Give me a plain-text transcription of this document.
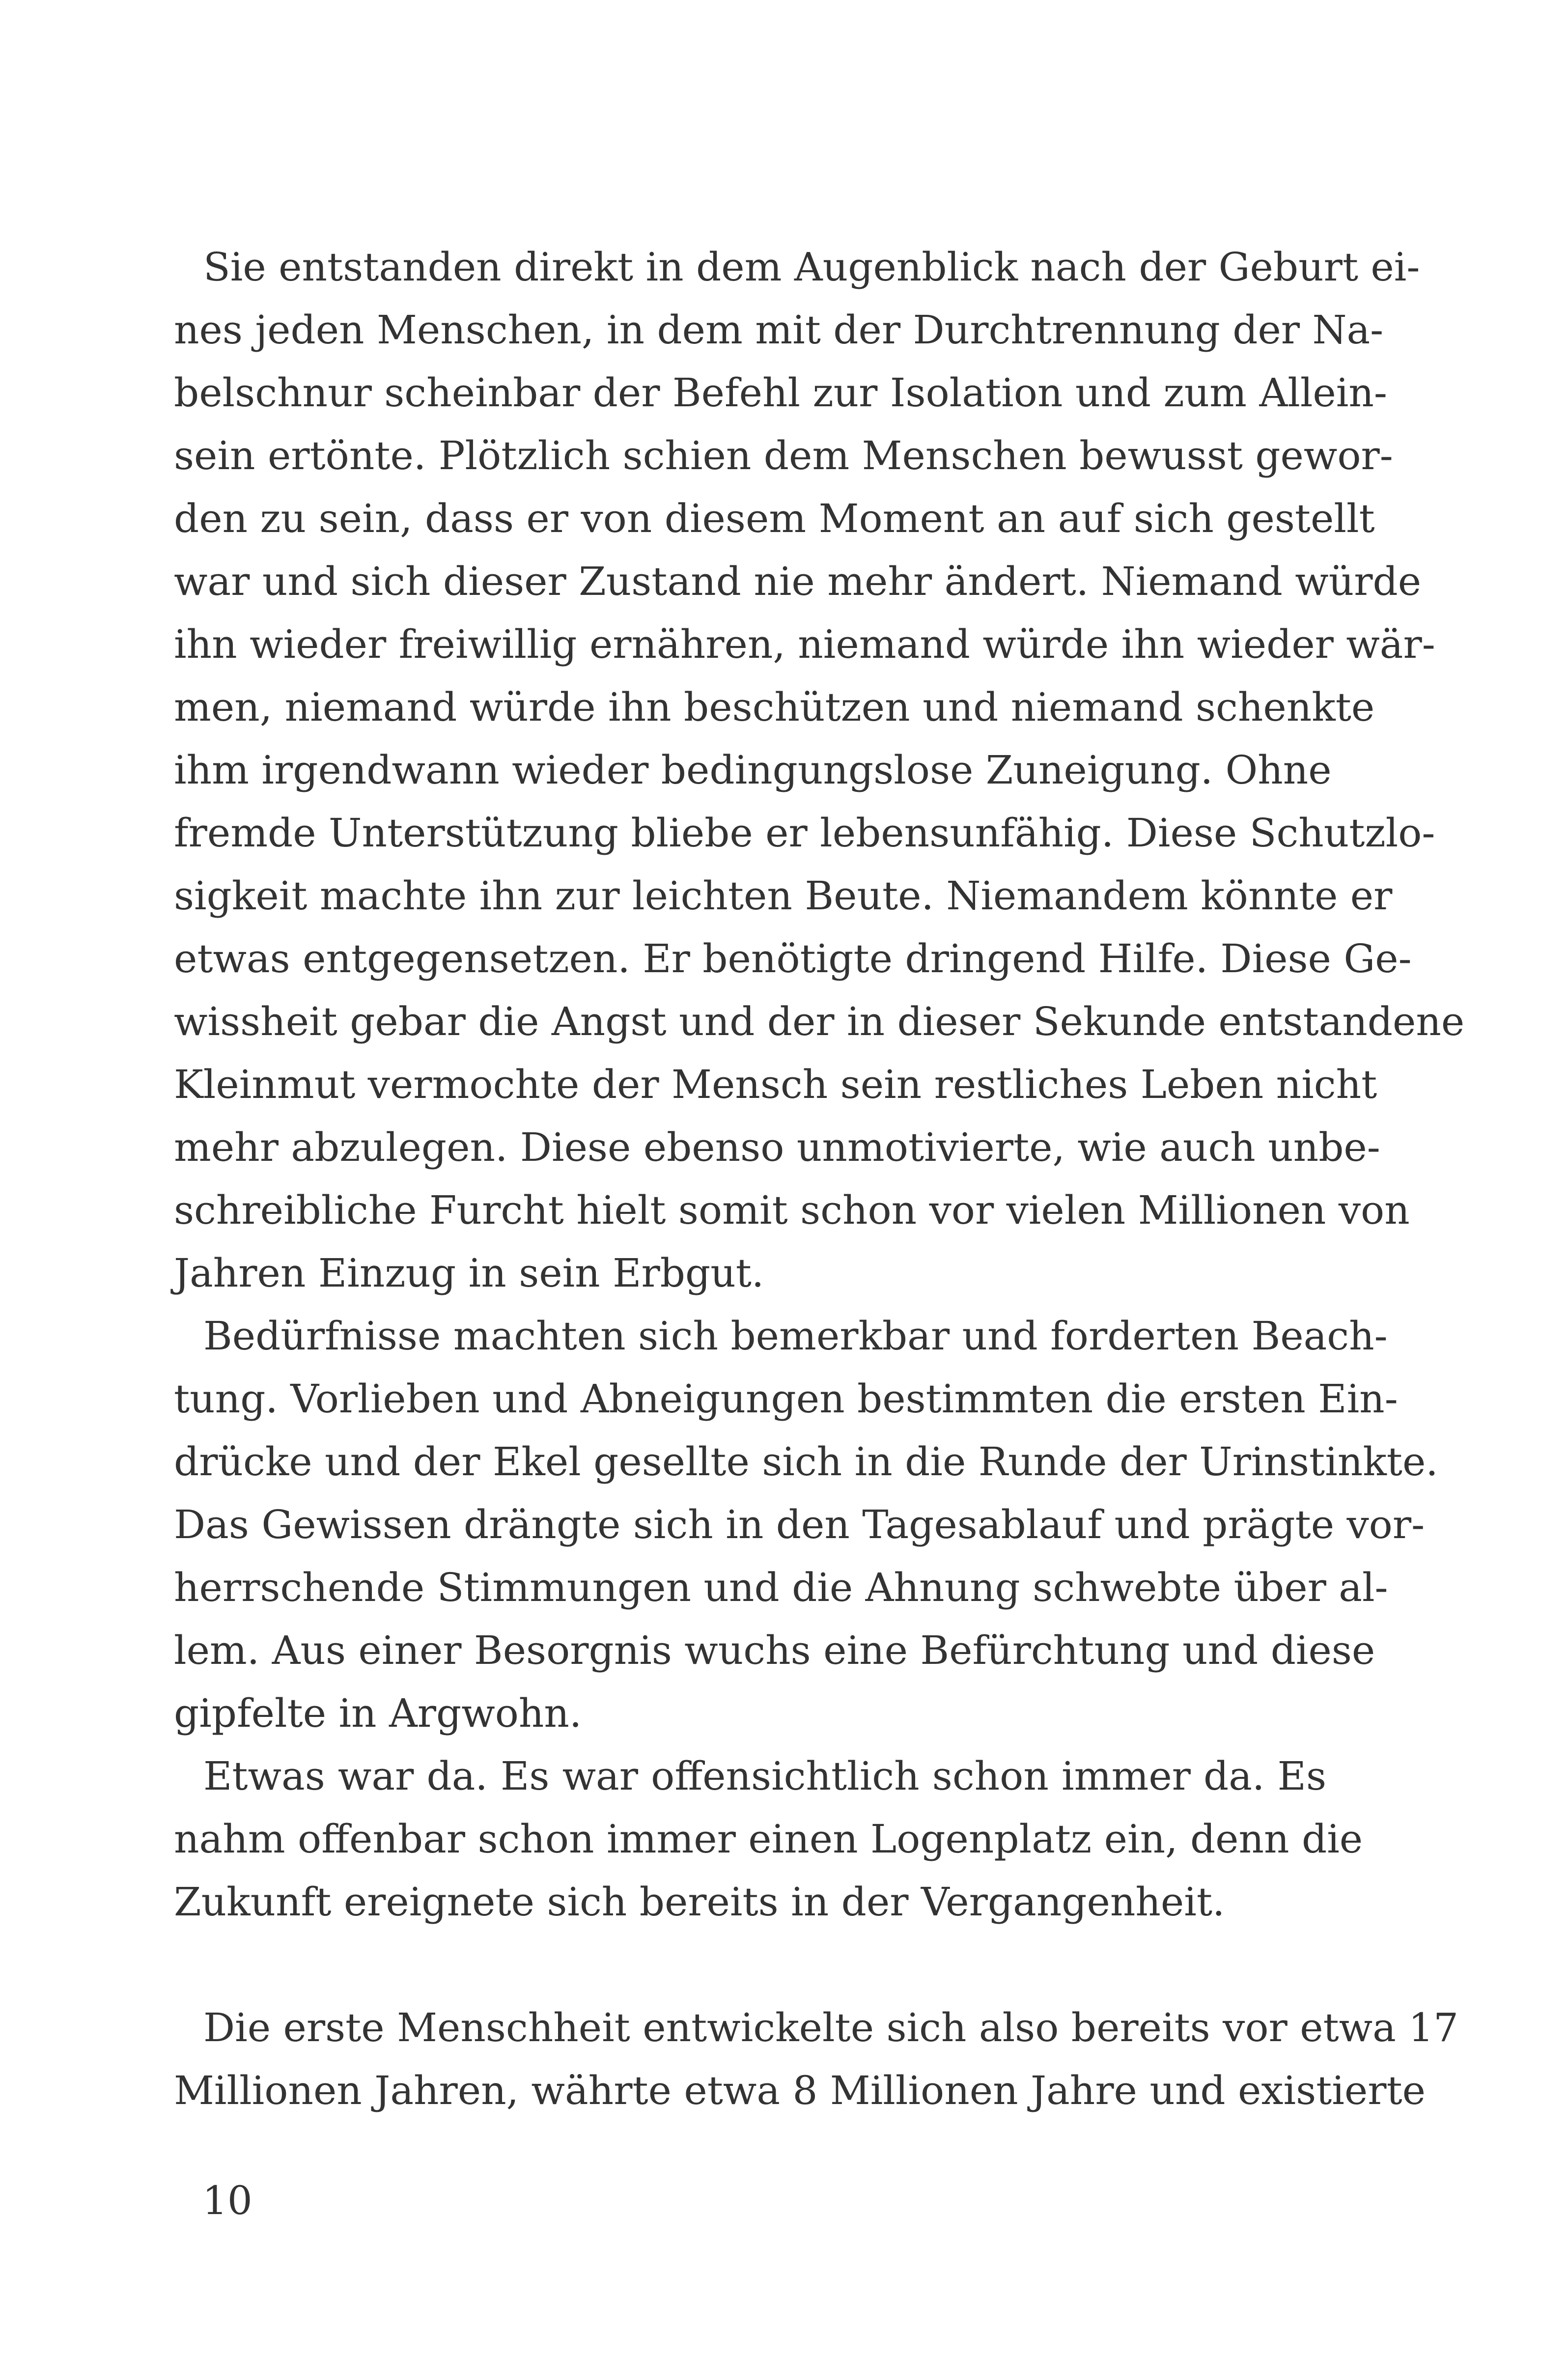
Sie entstanden direkt in dem Augenblick nach der Geburt ei-
nes jeden Menschen, in dem mit der Durchtrennung der Na-
belschnur scheinbar der Befehl zur Isolation und zum Allein-
sein ertönte. Plötzlich schien dem Menschen bewusst gewor-
den zu sein, dass er von diesem Moment an auf sich gestellt
war und sich dieser Zustand nie mehr ändert. Niemand würde
ihn wieder freiwillig ernähren, niemand würde ihn wieder wär-
men, niemand würde ihn beschützen und niemand schenkte
ihm irgendwann wieder bedingungslose Zuneigung. Ohne
fremde Unterstützung bliebe er lebensunfähig. Diese Schutzlo-
sigkeit machte ihn zur leichten Beute. Niemandem könnte er
etwas entgegensetzen. Er benötigte dringend Hilfe. Diese Ge-
wissheit gebar die Angst und der in dieser Sekunde entstandene
Kleinmut vermochte der Mensch sein restliches Leben nicht
mehr abzulegen. Diese ebenso unmotivierte, wie auch unbe-
schreibliche Furcht hielt somit schon vor vielen Millionen von
Jahren Einzug in sein Erbgut.
Bedürfnisse machten sich bemerkbar und forderten Beach-
tung. Vorlieben und Abneigungen bestimmten die ersten Ein-
drücke und der Ekel gesellte sich in die Runde der Urinstinkte.
Das Gewissen drängte sich in den Tagesablauf und prägte vor-
herrschende Stimmungen und die Ahnung schwebte über al-
lem. Aus einer Besorgnis wuchs eine Befürchtung und diese
gipfelte in Argwohn.
Etwas war da. Es war offensichtlich schon immer da. Es
nahm offenbar schon immer einen Logenplatz ein, denn die
Zukunft ereignete sich bereits in der Vergangenheit.
Die erste Menschheit entwickelte sich also bereits vor etwa 17
Millionen Jahren, währte etwa 8 Millionen Jahre und existierte
10
